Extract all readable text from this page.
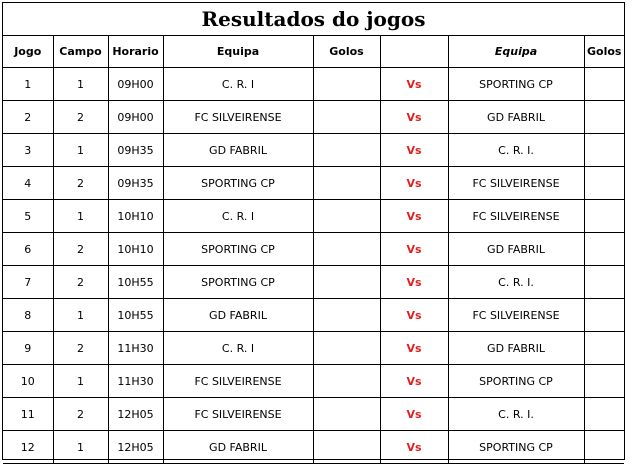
Resultados do jogos
Jogo	Campo	Horario	Equipa	Golos		Equipa	Golos
1	1	09H00	C. R. I		Vs	SPORTING CP	
2	2	09H00	FC SILVEIRENSE		Vs	GD FABRIL	
3	1	09H35	GD FABRIL		Vs	C. R. I.	
4	2	09H35	SPORTING CP		Vs	FC SILVEIRENSE	
5	1	10H10	C. R. I		Vs	FC SILVEIRENSE	
6	2	10H10	SPORTING CP		Vs	GD FABRIL	
7	2	10H55	SPORTING CP		Vs	C. R. I.	
8	1	10H55	GD FABRIL		Vs	FC SILVEIRENSE	
9	2	11H30	C. R. I		Vs	GD FABRIL	
10	1	11H30	FC SILVEIRENSE		Vs	SPORTING CP	
11	2	12H05	FC SILVEIRENSE		Vs	C. R. I.	
12	1	12H05	GD FABRIL		Vs	SPORTING CP	
